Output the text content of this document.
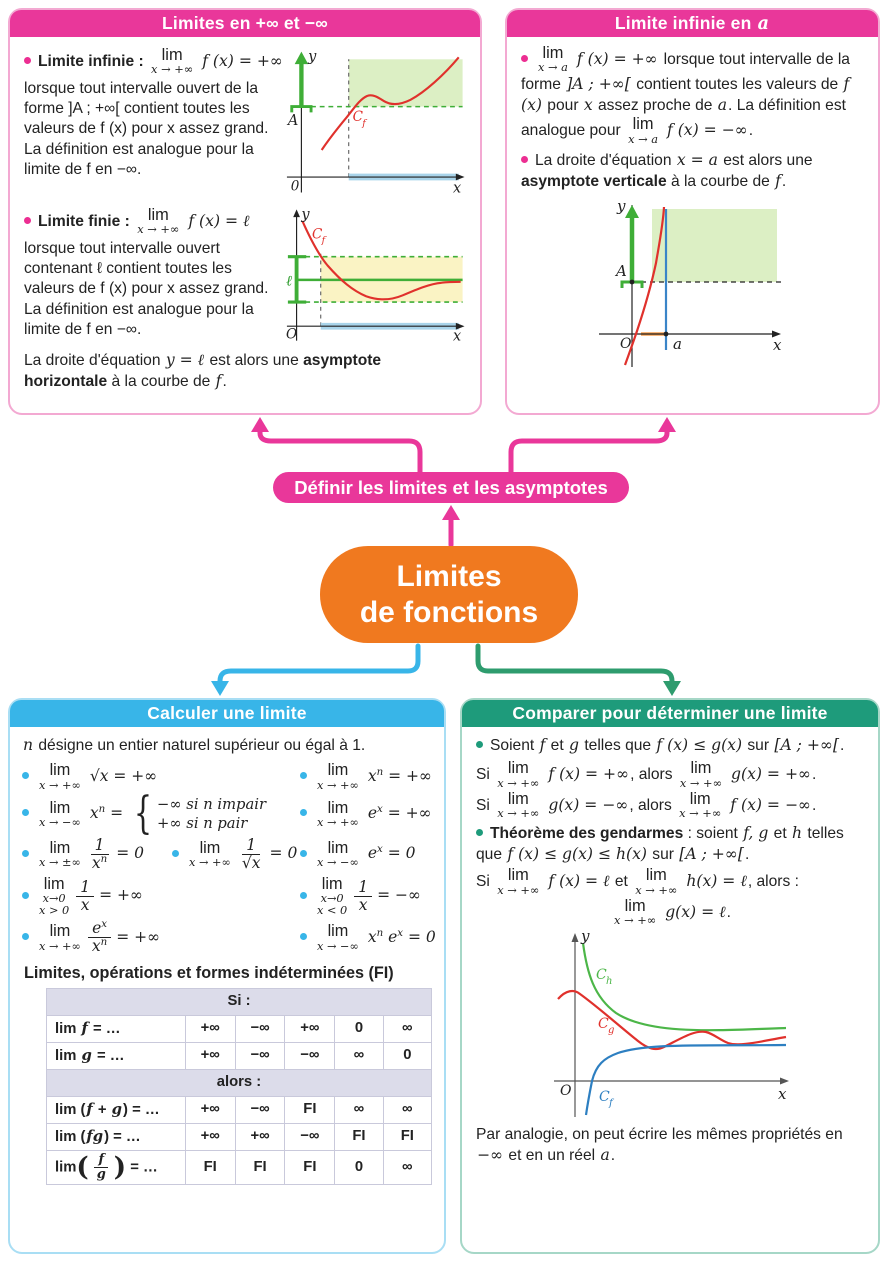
Limites en +∞ et −∞
Limite infinie : lim
x → +∞ f (x) = +∞
lorsque tout intervalle ouvert de la forme ]A ; +∞[ contient toutes les valeurs de f (x) pour x assez grand. La définition est analogue pour la limite de f en −∞.
A
0	x
y
C f
Limite finie : lim
x → +∞ f (x) = ℓ
lorsque tout intervalle ouvert contenant ℓ contient toutes les valeurs de f (x) pour x assez grand. La définition est analogue pour la limite de f en −∞.
ℓ
O	x
y
C f
La droite d'équation y = ℓ est alors une asymptote horizontale à la courbe de f.
Limite infinie en a
lim
x → a f (x) = +∞ lorsque tout intervalle de la forme ]A ; +∞[ contient toutes les valeurs de f (x) pour x assez proche de a. La définition est analogue pour lim
x → a f (x) = −∞.
La droite d'équation x = a est alors une asymptote verticale à la courbe de f.
A
O	a	x
y
Définir les limites et les asymptotes
Limites
de fonctions
Calculer une limite
n désigne un entier naturel supérieur ou égal à 1.
lim
x → +∞
√x = +∞	lim
x → +∞
$x^n$ = +∞
lim
x → −∞
$x^n$ = { −∞ si n impair
+∞ si n pair
lim
x → +∞
$e^x$ = +∞
lim
x → ±∞ $\frac{1}{x^n} = 0$	lim
x → +∞ $\frac{1}{√x} = 0$ lim
x → −∞
$e^x = 0$
lim
x→0
$x > 0 \frac{1}{x}$ = +∞
lim
x→0
$x < 0 \frac{1}{x}$ = −∞
lim
x → +∞ $\frac{e^x}{x^n}$ = +∞	lim
x → −∞
$x^n$ $e^x = 0$
Limites, opérations et formes indéterminées (FI)
Si :					
lim f = …	+∞	−∞	+∞	0	∞
lim g = …	+∞	−∞	−∞	∞	0
alors :					
lim (f + g) = …	+∞	−∞	FI	∞	∞
lim (fg) = …	+∞	+∞	−∞	FI	FI
$\lim( \frac{f}{g}$ ) = …	FI	FI	FI	0	∞
Comparer pour déterminer une limite
Soient f et g telles que f (x) ≤ g(x) sur [A ; +∞[.
Si lim
x → +∞ f (x) = +∞, alors lim
x → +∞ g(x) = +∞.
Si lim
x → +∞ g(x) = −∞, alors lim
x → +∞ f (x) = −∞.
Théorème des gendarmes : soient f, g et h telles que f (x) ≤ g(x) ≤ h(x) sur [A ; +∞[.
Si lim
x → +∞ f (x) = ℓ et lim
x → +∞ h(x) = ℓ, alors :
lim
x → +∞ g(x) = ℓ.
C h
C g
C f
O	x
y
Par analogie, on peut écrire les mêmes propriétés en −∞ et en un réel a.
